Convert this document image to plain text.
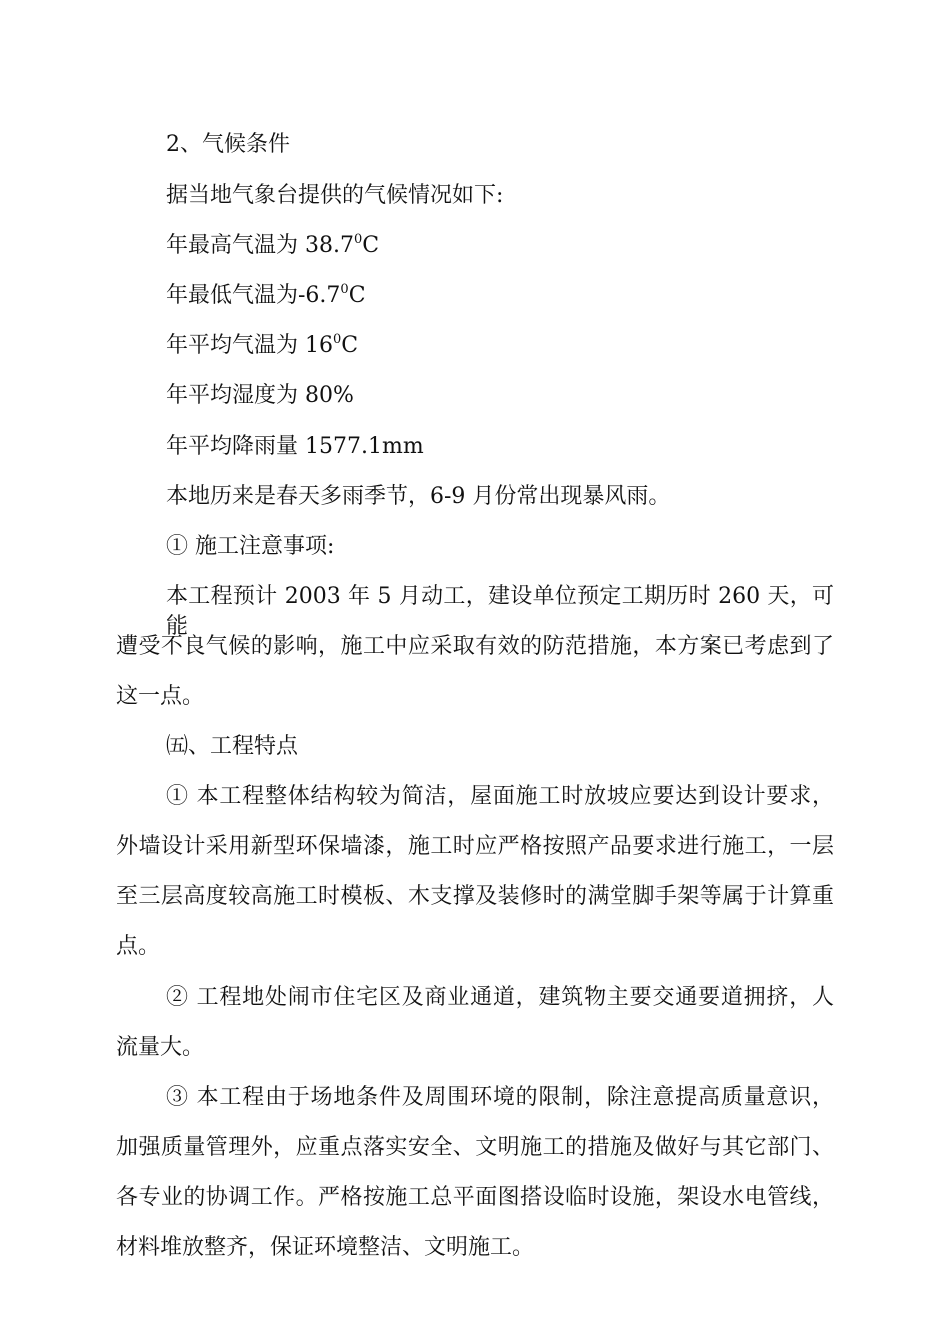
2、气候条件
据当地气象台提供的气候情况如下:
年最高气温为 38.7$^0$C
年最低气温为$-6.7^0C$
年平均气温为 $16^0C$
年平均湿度为 80%
年平均降雨量 1577.1mm
本地历来是春天多雨季节，6-9 月份常出现暴风雨。
① 施工注意事项:
本工程预计 2003 年 5 月动工，建设单位预定工期历时 260 天，可能
遭受不良气候的影响，施工中应采取有效的防范措施，本方案已考虑到了
这一点。
㈤、工程特点
① 本工程整体结构较为简洁，屋面施工时放坡应要达到设计要求，
外墙设计采用新型环保墙漆，施工时应严格按照产品要求进行施工，一层
至三层高度较高施工时模板、木支撑及装修时的满堂脚手架等属于计算重
点。
② 工程地处闹市住宅区及商业通道，建筑物主要交通要道拥挤，人
流量大。
③ 本工程由于场地条件及周围环境的限制，除注意提高质量意识，
加强质量管理外，应重点落实安全、文明施工的措施及做好与其它部门、
各专业的协调工作。严格按施工总平面图搭设临时设施，架设水电管线，
材料堆放整齐，保证环境整洁、文明施工。
